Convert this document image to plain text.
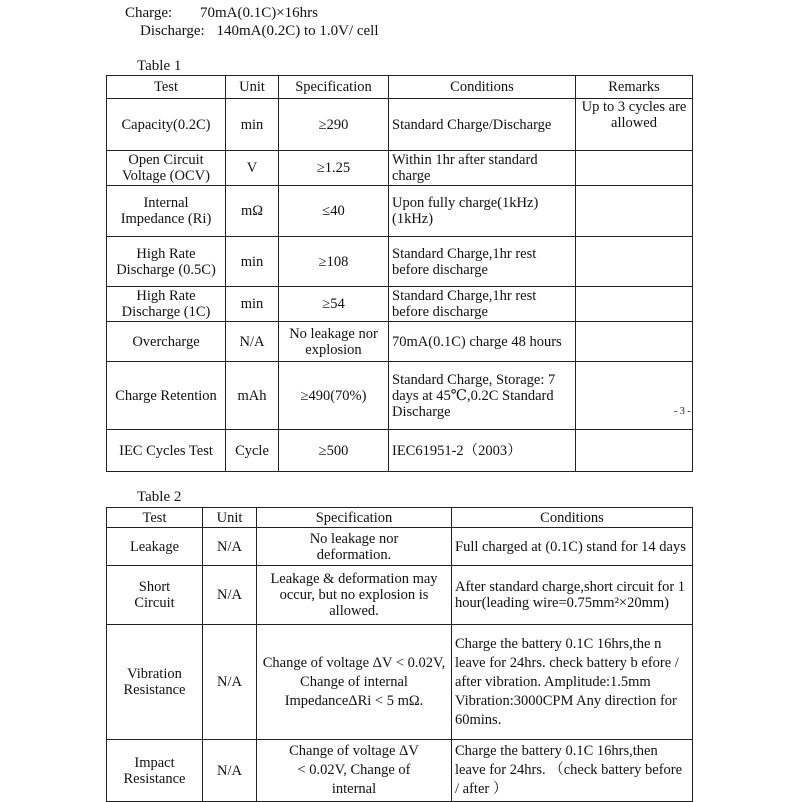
Charge: 70mA(0.1C)×16hrs
Discharge: 140mA(0.2C) to 1.0V/ cell
Table 1
Test	Unit	Specification	Conditions	Remarks
Capacity(0.2C)	min	≥290	Standard Charge/Discharge	Up to 3 cycles are allowed
Open Circuit Voltage (OCV)	V	≥1.25	Within 1hr after standard charge	
Internal Impedance (Ri)	mΩ	≤40	Upon fully charge(1kHz) (1kHz)	
High Rate Discharge (0.5C)	min	≥108	Standard Charge,1hr rest before discharge	
High Rate Discharge (1C)	min	≥54	Standard Charge,1hr rest before discharge	
Overcharge	N/A	No leakage nor explosion	70mA(0.1C) charge 48 hours	
Charge Retention	mAh	≥490(70%)	Standard Charge, Storage: 7 days at 45℃,0.2C Standard Discharge	
IEC Cycles Test	Cycle	≥500	IEC61951-2（2003）	
- 3 -
Table 2
Test	Unit	Specification	Conditions
Leakage	N/A	No leakage nor deformation.	Full charged at (0.1C) stand for 14 days
Short Circuit	N/A	Leakage & deformation may occur, but no explosion is allowed.	After standard charge,short circuit for 1 hour(leading wire=0.75mm²×20mm)
Vibration Resistance	N/A	Change of voltage ΔV < 0.02V, Change of internal ImpedanceΔRi < 5 mΩ.	Charge the battery 0.1C 16hrs,the n leave for 24hrs. check battery b efore / after vibration. Amplitude:1.5mm Vibration:3000CPM Any direction for 60mins.
Impact Resistance	N/A	Change of voltage ΔV < 0.02V, Change of internal	Charge the battery 0.1C 16hrs,then leave for 24hrs. （check battery before / after ）
